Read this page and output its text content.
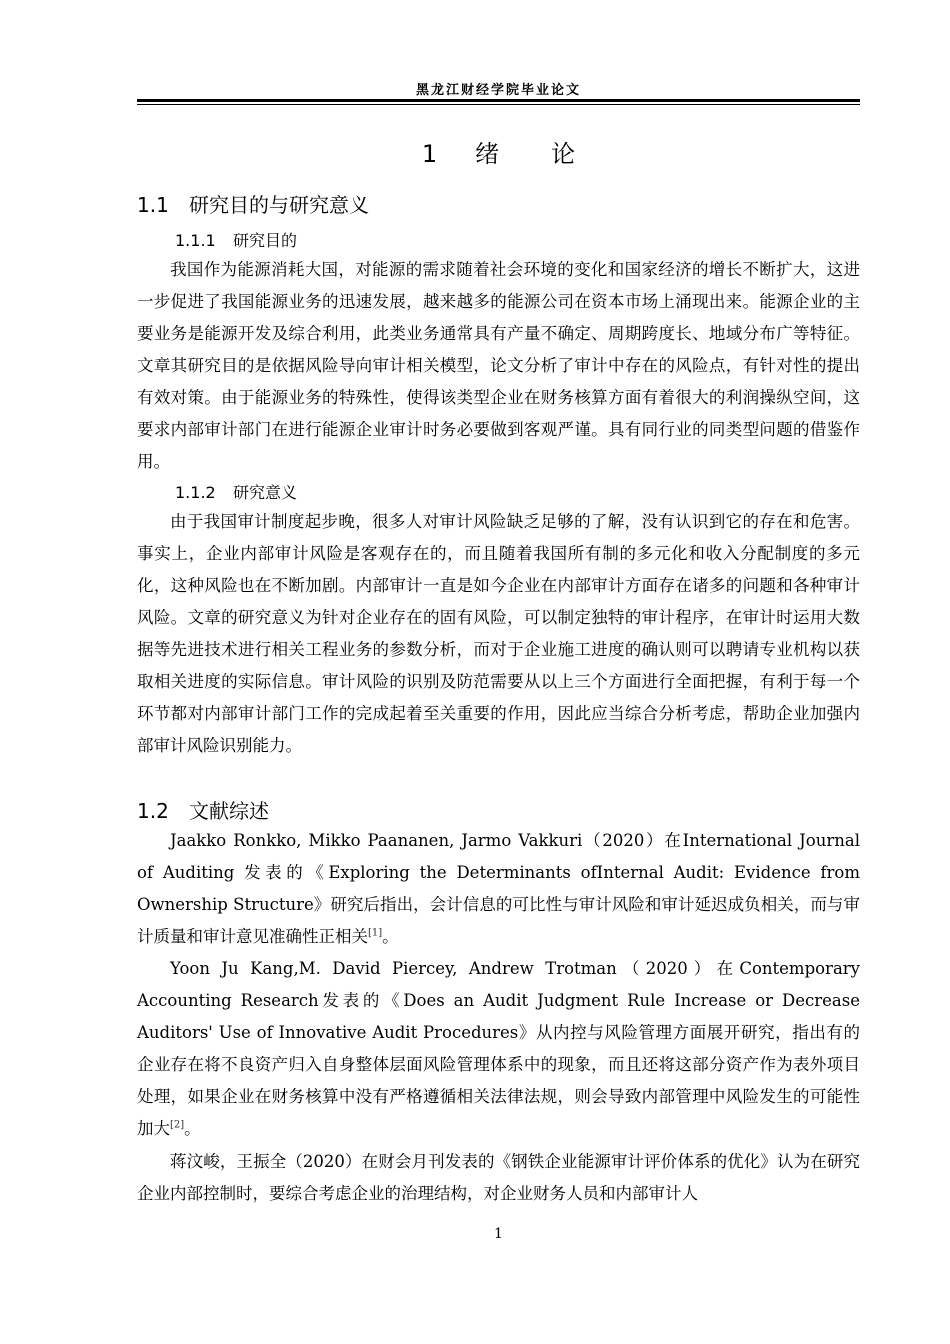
黑龙江财经学院毕业论文
1 绪 论
1.1 研究目的与研究意义
1.1.1 研究目的

我国作为能源消耗大国，对能源的需求随着社会环境的变化和国家经济的增长不断扩大，这进一步促进了我国能源业务的迅速发展，越来越多的能源公司在资本市场上涌现出来。能源企业的主要业务是能源开发及综合利用，此类业务通常具有产量不确定、周期跨度长、地域分布广等特征。文章其研究目的是依据风险导向审计相关模型，论文分析了审计中存在的风险点，有针对性的提出有效对策。由于能源业务的特殊性，使得该类型企业在财务核算方面有着很大的利润操纵空间，这要求内部审计部门在进行能源企业审计时务必要做到客观严谨。具有同行业的同类型问题的借鉴作用。

1.1.2 研究意义

由于我国审计制度起步晚，很多人对审计风险缺乏足够的了解，没有认识到它的存在和危害。事实上，企业内部审计风险是客观存在的，而且随着我国所有制的多元化和收入分配制度的多元化，这种风险也在不断加剧。内部审计一直是如今企业在内部审计方面存在诸多的问题和各种审计风险。文章的研究意义为针对企业存在的固有风险，可以制定独特的审计程序，在审计时运用大数据等先进技术进行相关工程业务的参数分析，而对于企业施工进度的确认则可以聘请专业机构以获取相关进度的实际信息。审计风险的识别及防范需要从以上三个方面进行全面把握，有利于每一个环节都对内部审计部门工作的完成起着至关重要的作用，因此应当综合分析考虑，帮助企业加强内部审计风险识别能力。

1.2 文献综述

Jaakko Ronkko, Mikko Paananen, Jarmo Vakkuri（2020）在International Journal of Auditing 发表的《Exploring the Determinants ofInternal Audit: Evidence from Ownership Structure》研究后指出，会计信息的可比性与审计风险和审计延迟成负相关，而与审计质量和审计意见准确性正相关[1]。

Yoon Ju Kang,M. David Piercey, Andrew Trotman（2020）在Contemporary Accounting Research发表的《Does an Audit Judgment Rule Increase or Decrease Auditors' Use of Innovative Audit Procedures》从内控与风险管理方面展开研究，指出有的企业存在将不良资产归入自身整体层面风险管理体系中的现象，而且还将这部分资产作为表外项目处理，如果企业在财务核算中没有严格遵循相关法律法规，则会导致内部管理中风险发生的可能性加大[2]。

蒋汶峻，王振全（2020）在财会月刊发表的《钢铁企业能源审计评价体系的优化》认为在研究企业内部控制时，要综合考虑企业的治理结构，对企业财务人员和内部审计人

1
